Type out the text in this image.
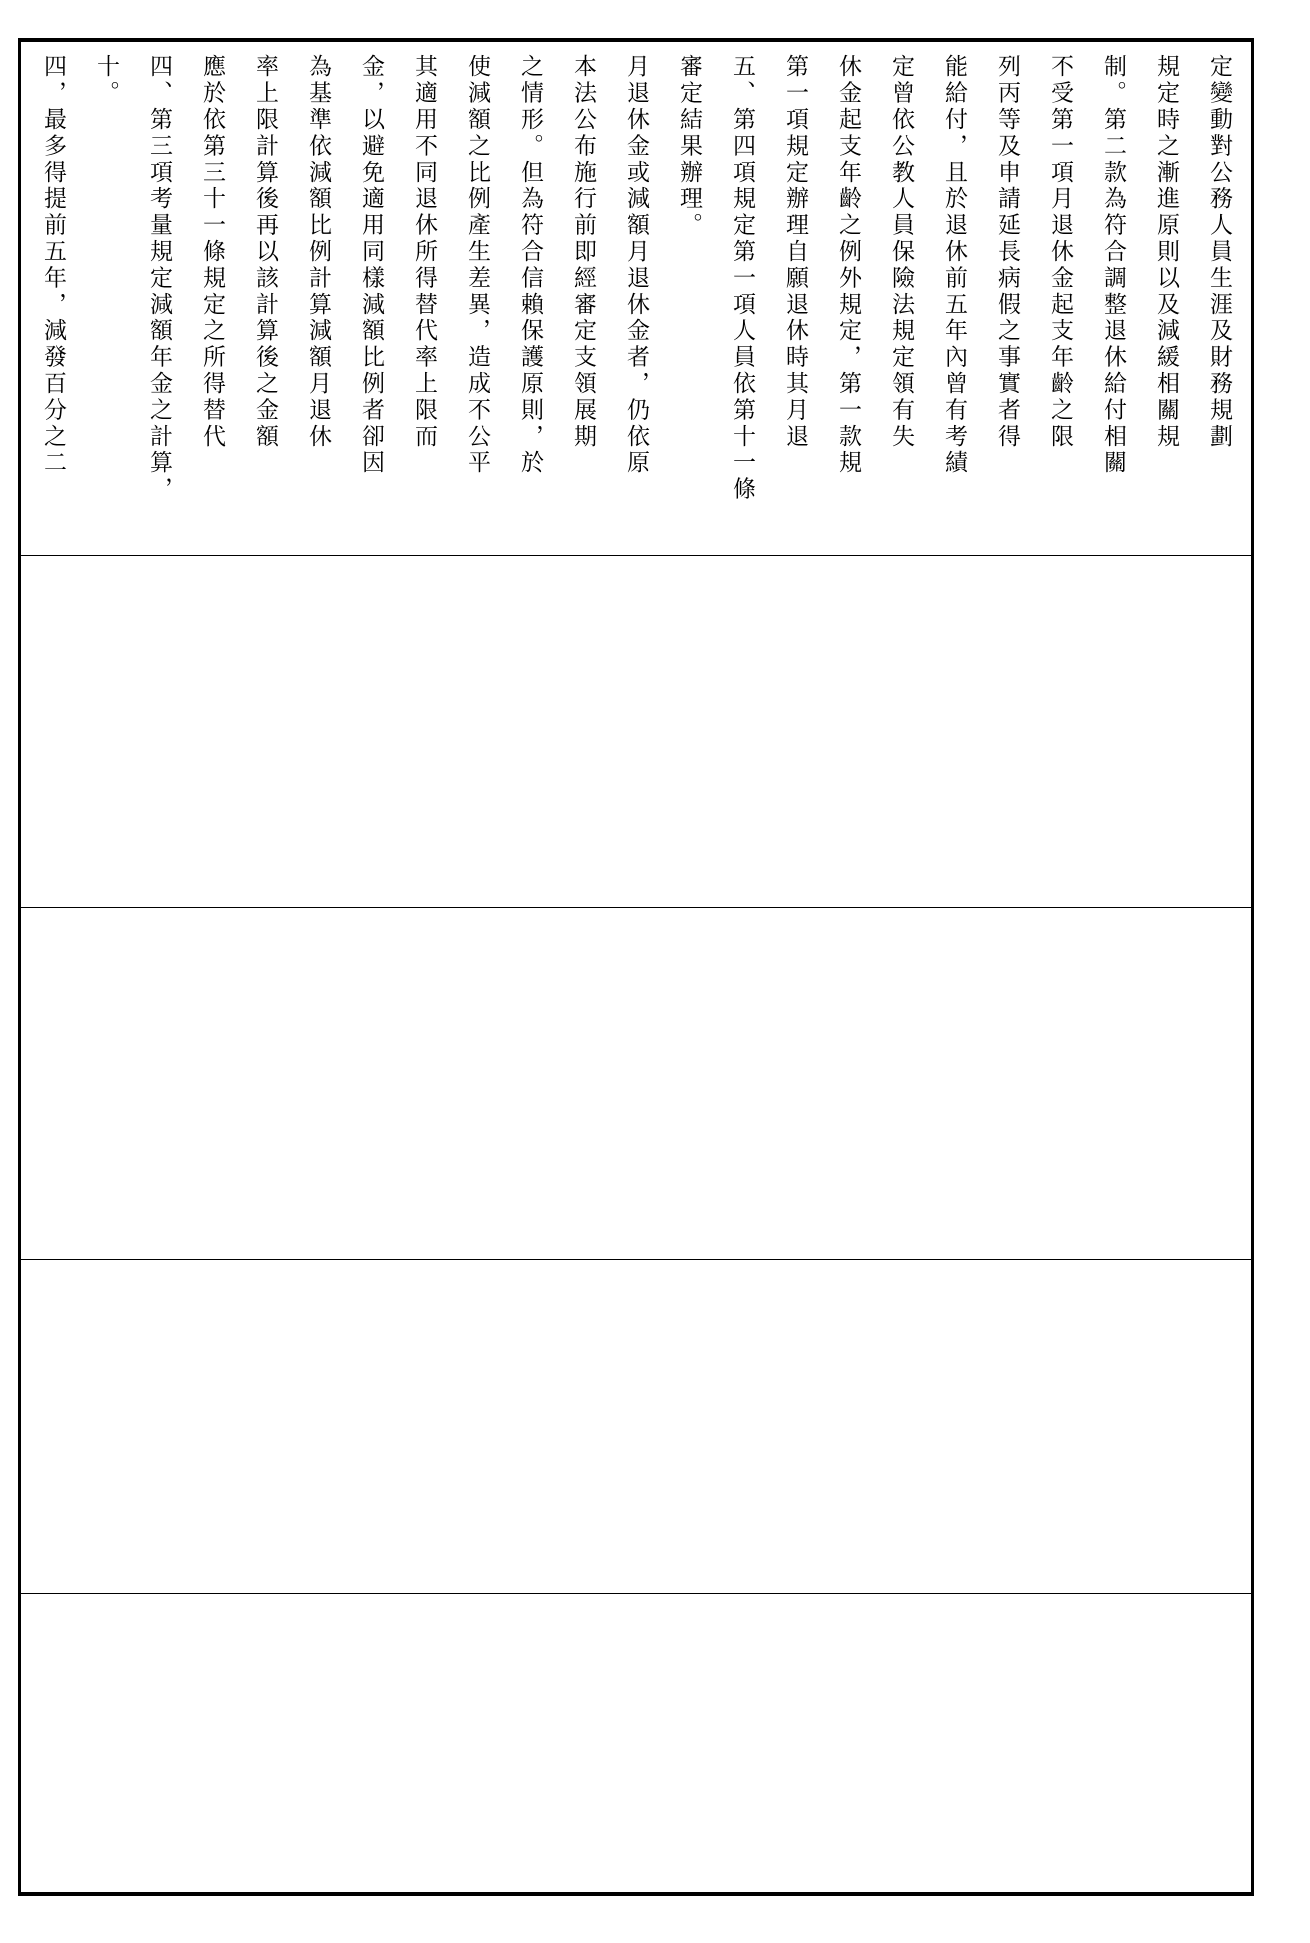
四，最多得提前五年，減發百分之二	十。	四、第三項考量規定減額年金之計算，	應於依第三十一條規定之所得替代	率上限計算後再以該計算後之金額	為基準依減額比例計算減額月退休	金，以避免適用同樣減額比例者卻因	其適用不同退休所得替代率上限而	使減額之比例產生差異，造成不公平	之情形。但為符合信賴保護原則，於	本法公布施行前即經審定支領展期	月退休金或減額月退休金者，仍依原	審定結果辦理。	五、第四項規定第一項人員依第十一條	第一項規定辦理自願退休時其月退	休金起支年齡之例外規定，第一款規	定曾依公教人員保險法規定領有失	能給付，且於退休前五年內曾有考績	列丙等及申請延長病假之事實者得	不受第一項月退休金起支年齡之限	制。第二款為符合調整退休給付相關	規定時之漸進原則以及減緩相關規	定變動對公務人員生涯及財務規劃
